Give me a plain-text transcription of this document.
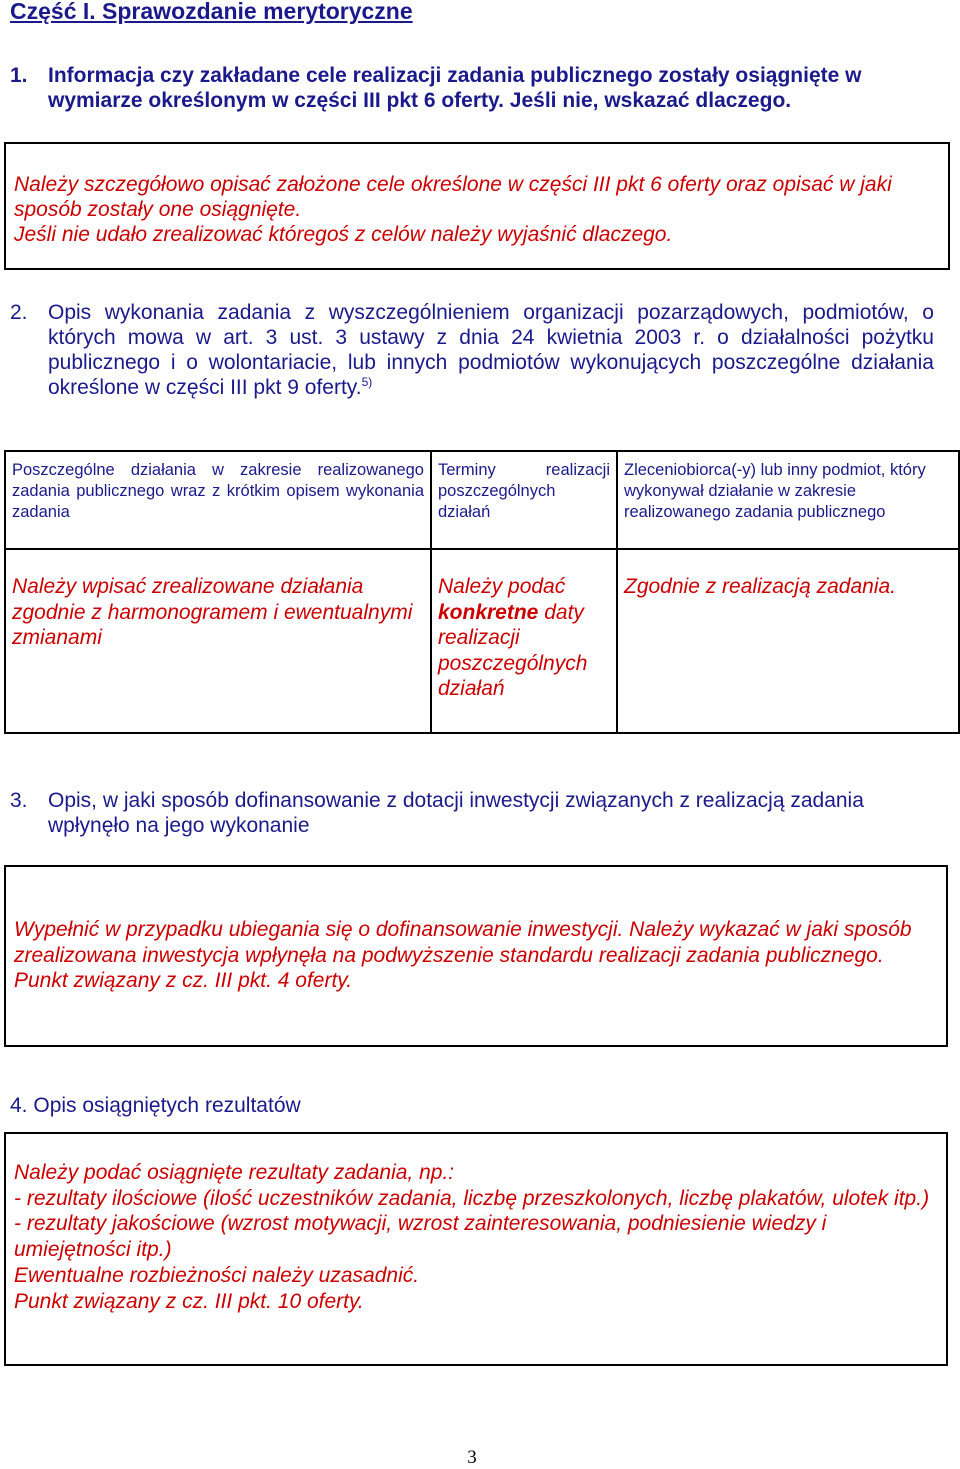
Część I. Sprawozdanie merytoryczne
1. Informacja czy zakładane cele realizacji zadania publicznego zostały osiągnięte w wymiarze określonym w części III pkt 6 oferty. Jeśli nie, wskazać dlaczego.
Należy szczegółowo opisać założone cele określone w części III pkt 6 oferty oraz opisać w jaki sposób zostały one osiągnięte.
Jeśli nie udało zrealizować któregoś z celów należy wyjaśnić dlaczego.
2. Opis wykonania zadania z wyszczególnieniem organizacji pozarządowych, podmiotów, o których mowa w art. 3 ust. 3 ustawy z dnia 24 kwietnia 2003 r. o działalności pożytku publicznego i o wolontariacie, lub innych podmiotów wykonujących poszczególne działania określone w części III pkt 9 oferty.$^{5)}$
Poszczególne działania w zakresie realizowanego zadania publicznego wraz z krótkim opisem wykonania zadania	Terminy realizacji poszczególnych działań	Zleceniobiorca(-y) lub inny podmiot, który wykonywał działanie w zakresie realizowanego zadania publicznego
Należy wpisać zrealizowane działania zgodnie z harmonogramem i ewentualnymi zmianami	Należy podać konkretne daty realizacji poszczególnych działań	Zgodnie z realizacją zadania.
3. Opis, w jaki sposób dofinansowanie z dotacji inwestycji związanych z realizacją zadania wpłynęło na jego wykonanie
Wypełnić w przypadku ubiegania się o dofinansowanie inwestycji. Należy wykazać w jaki sposób zrealizowana inwestycja wpłynęła na podwyższenie standardu realizacji zadania publicznego.
Punkt związany z cz. III pkt. 4 oferty.
4. Opis osiągniętych rezultatów
Należy podać osiągnięte rezultaty zadania, np.:
- rezultaty ilościowe (ilość uczestników zadania, liczbę przeszkolonych, liczbę plakatów, ulotek itp.)
- rezultaty jakościowe (wzrost motywacji, wzrost zainteresowania, podniesienie wiedzy i umiejętności itp.)
Ewentualne rozbieżności należy uzasadnić.
Punkt związany z cz. III pkt. 10 oferty.
3
